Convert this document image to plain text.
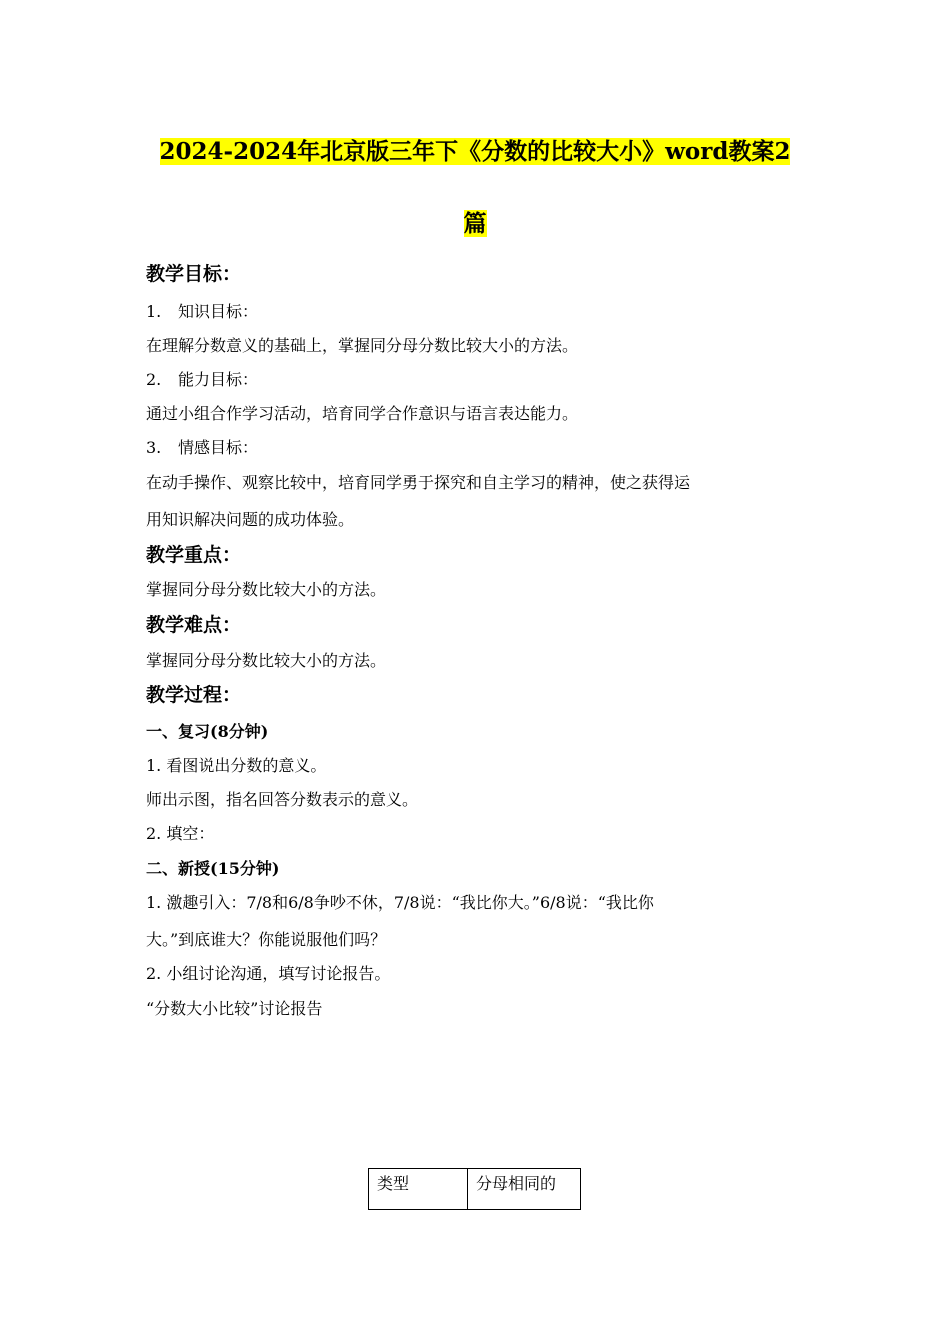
2024-2024年北京版三年下《分数的比较大小》word教案2
篇
教学目标：
1. 知识目标：
在理解分数意义的基础上，掌握同分母分数比较大小的方法。
2. 能力目标：
通过小组合作学习活动，培育同学合作意识与语言表达能力。
3. 情感目标：
在动手操作、观察比较中，培育同学勇于探究和自主学习的精神，使之获得运
用知识解决问题的成功体验。
教学重点：
掌握同分母分数比较大小的方法。
教学难点：
掌握同分母分数比较大小的方法。
教学过程：
一、复习(8分钟)
1. 看图说出分数的意义。
师出示图，指名回答分数表示的意义。
2. 填空：
二、新授(15分钟)
1. 激趣引入：7/8和6/8争吵不休，7/8说：“我比你大。”6/8说：“我比你
大。”到底谁大？你能说服他们吗？
2. 小组讨论沟通，填写讨论报告。
“分数大小比较”讨论报告
类型	分母相同的
